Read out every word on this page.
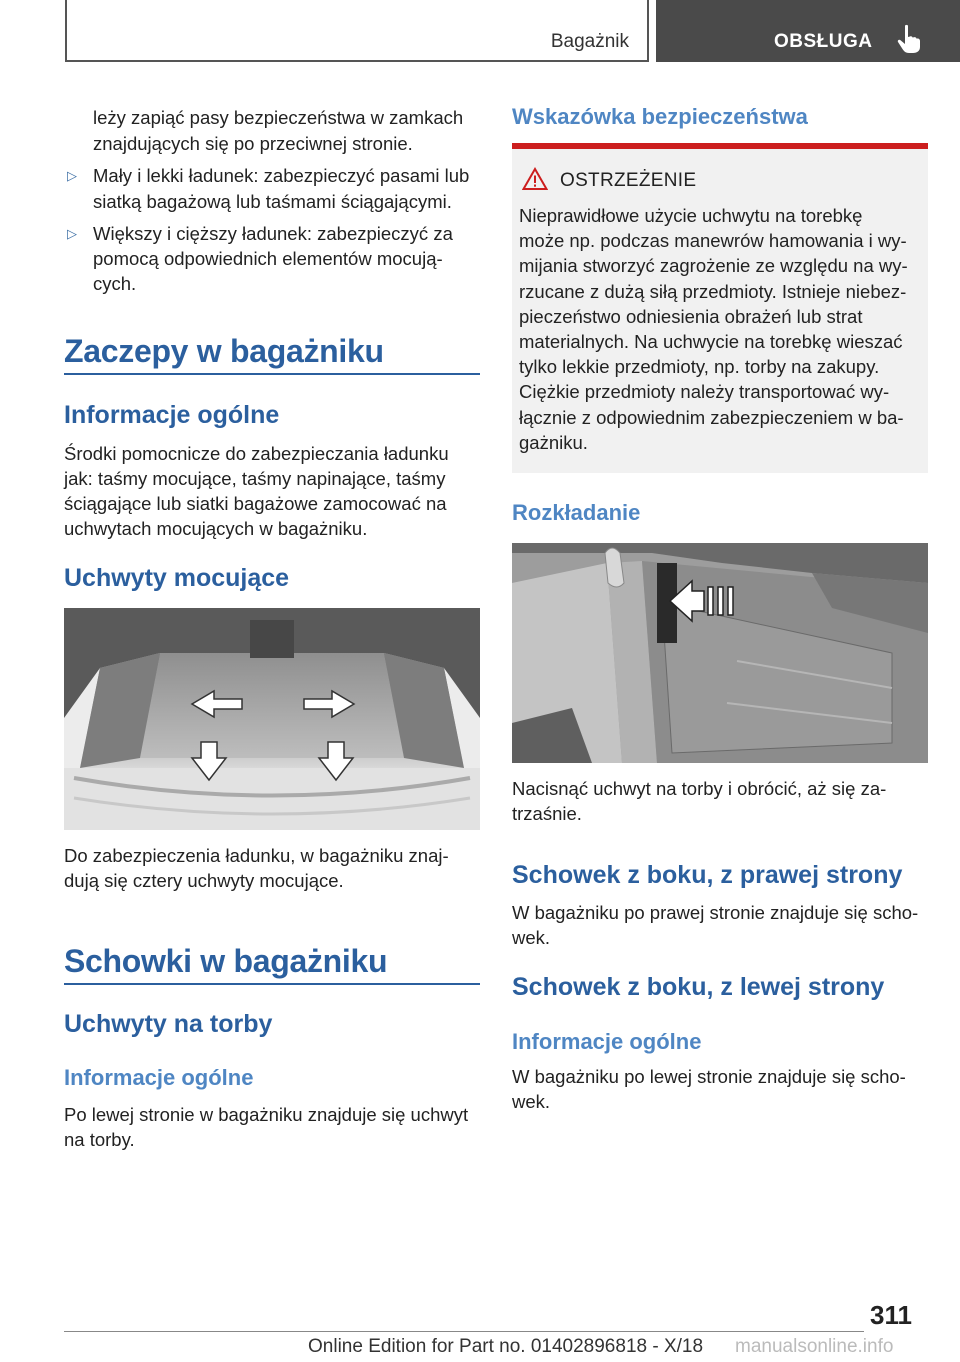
Bagażnik	OBSŁUGA

leży zapiąć pasy bezpieczeństwa w zamkach

znajdujących się po przeciwnej stronie.

▷ Mały i lekki ładunek: zabezpieczyć pasami lub

siatką bagażową lub taśmami ściągającymi.

▷ Większy i cięższy ładunek: zabezpieczyć za

pomocą odpowiednich elementów mocują‐

cych.

Zaczepy w bagażniku
Informacje ogólne

Środki pomocnicze do zabezpieczania ładunku

jak: taśmy mocujące, taśmy napinające, taśmy

ściągające lub siatki bagażowe zamocować na

uchwytach mocujących w bagażniku.

Uchwyty mocujące

Do zabezpieczenia ładunku, w bagażniku znaj‐

dują się cztery uchwyty mocujące.

Schowki w bagażniku
Uchwyty na torby
Informacje ogólne

Po lewej stronie w bagażniku znajduje się uchwyt

na torby.

Wskazówka bezpieczeństwa
OSTRZEŻENIE
Nieprawidłowe użycie uchwytu na torebkę
może np. podczas manewrów hamowania i wy‐
mijania stworzyć zagrożenie ze względu na wy‐
rzucane z dużą siłą przedmioty. Istnieje niebez‐
pieczeństwo odniesienia obrażeń lub strat
materialnych. Na uchwycie na torebkę wieszać
tylko lekkie przedmioty, np. torby na zakupy.
Ciężkie przedmioty należy transportować wy‐
łącznie z odpowiednim zabezpieczeniem w ba‐
gażniku.
Rozkładanie

Nacisnąć uchwyt na torby i obrócić, aż się za‐

trzaśnie.

Schowek z boku, z prawej strony

W bagażniku po prawej stronie znajduje się scho‐

wek.

Schowek z boku, z lewej strony
Informacje ogólne

W bagażniku po lewej stronie znajduje się scho‐

wek.

311
Online Edition for Part no. 01402896818 - X/18 manualsonline.info
